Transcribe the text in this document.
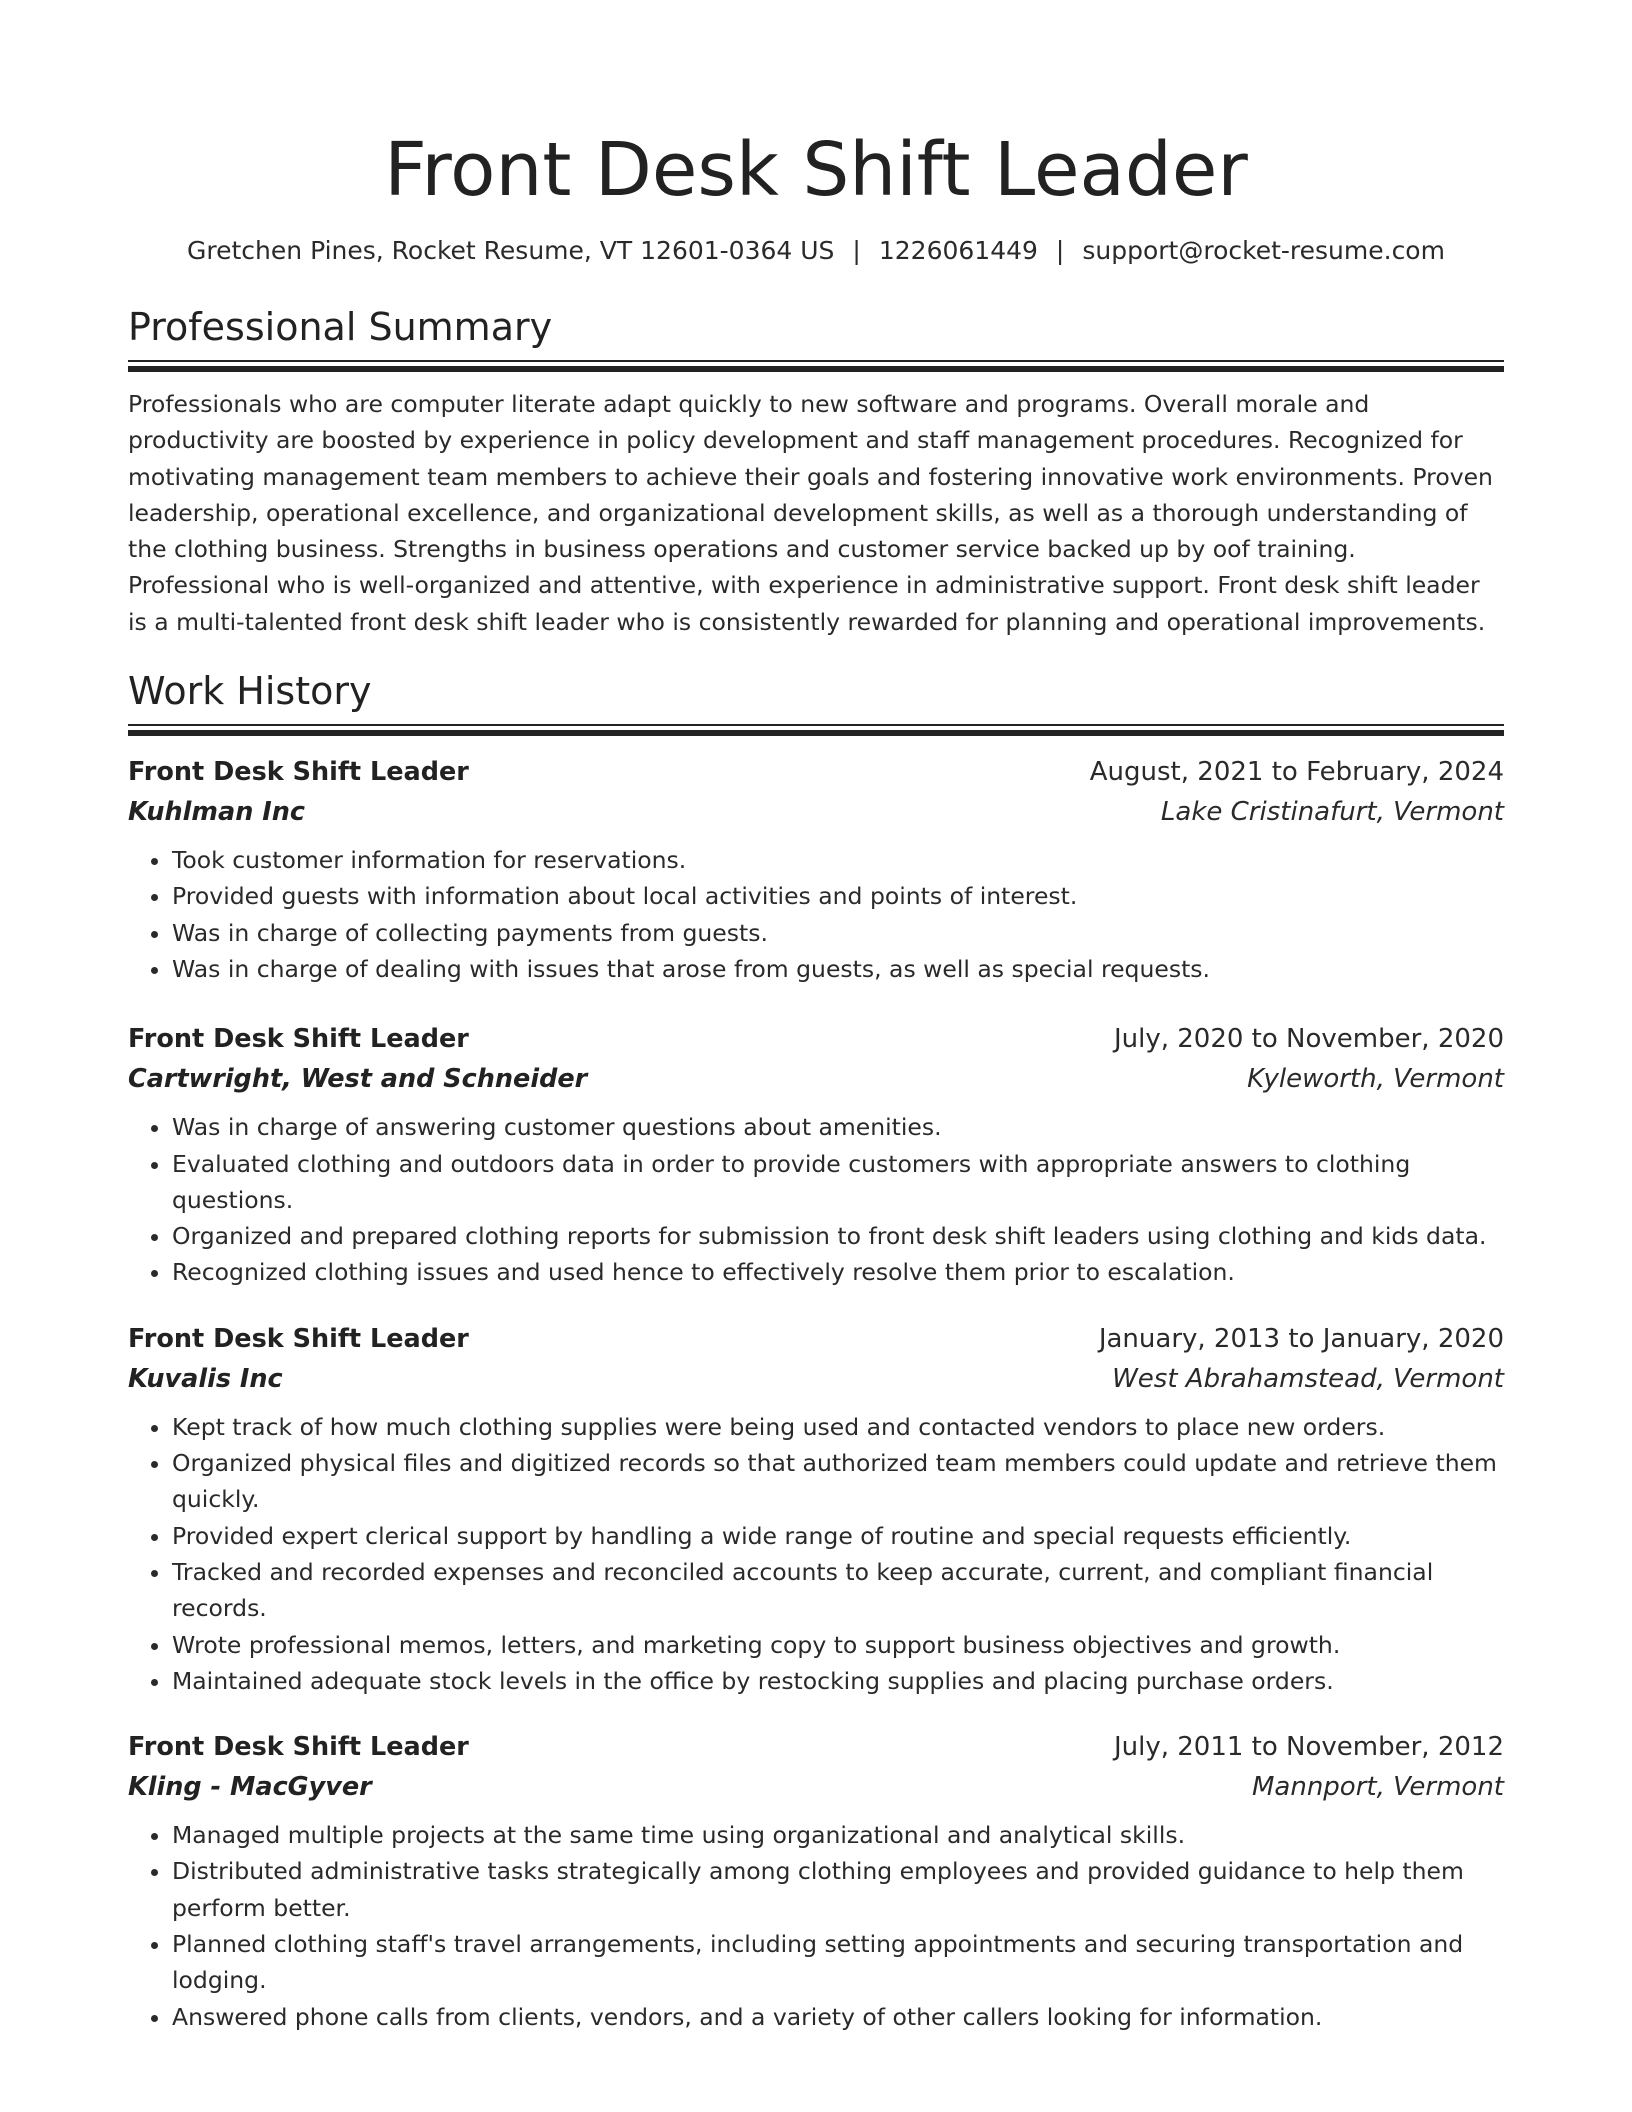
Front Desk Shift Leader
Gretchen Pines, Rocket Resume, VT 12601-0364 US | 1226061449 | support@rocket-resume.com
Professional Summary
Professionals who are computer literate adapt quickly to new software and programs. Overall morale and productivity are boosted by experience in policy development and staff management procedures. Recognized for motivating management team members to achieve their goals and fostering innovative work environments. Proven leadership, operational excellence, and organizational development skills, as well as a thorough understanding of the clothing business. Strengths in business operations and customer service backed up by oof training. Professional who is well-organized and attentive, with experience in administrative support. Front desk shift leader is a multi-talented front desk shift leader who is consistently rewarded for planning and operational improvements.
Work History
Front Desk Shift Leader	August, 2021 to February, 2024
Kuhlman Inc	Lake Cristinafurt, Vermont
• Took customer information for reservations.
• Provided guests with information about local activities and points of interest.
• Was in charge of collecting payments from guests.
• Was in charge of dealing with issues that arose from guests, as well as special requests.
Front Desk Shift Leader	July, 2020 to November, 2020
Cartwright, West and Schneider	Kyleworth, Vermont
• Was in charge of answering customer questions about amenities.
• Evaluated clothing and outdoors data in order to provide customers with appropriate answers to clothing questions.
• Organized and prepared clothing reports for submission to front desk shift leaders using clothing and kids data.
• Recognized clothing issues and used hence to effectively resolve them prior to escalation.
Front Desk Shift Leader	January, 2013 to January, 2020
Kuvalis Inc	West Abrahamstead, Vermont
• Kept track of how much clothing supplies were being used and contacted vendors to place new orders.
• Organized physical files and digitized records so that authorized team members could update and retrieve them quickly.
• Provided expert clerical support by handling a wide range of routine and special requests efficiently.
• Tracked and recorded expenses and reconciled accounts to keep accurate, current, and compliant financial records.
• Wrote professional memos, letters, and marketing copy to support business objectives and growth.
• Maintained adequate stock levels in the office by restocking supplies and placing purchase orders.
Front Desk Shift Leader	July, 2011 to November, 2012
Kling - MacGyver	Mannport, Vermont
• Managed multiple projects at the same time using organizational and analytical skills.
• Distributed administrative tasks strategically among clothing employees and provided guidance to help them perform better.
• Planned clothing staff's travel arrangements, including setting appointments and securing transportation and lodging.
• Answered phone calls from clients, vendors, and a variety of other callers looking for information.
